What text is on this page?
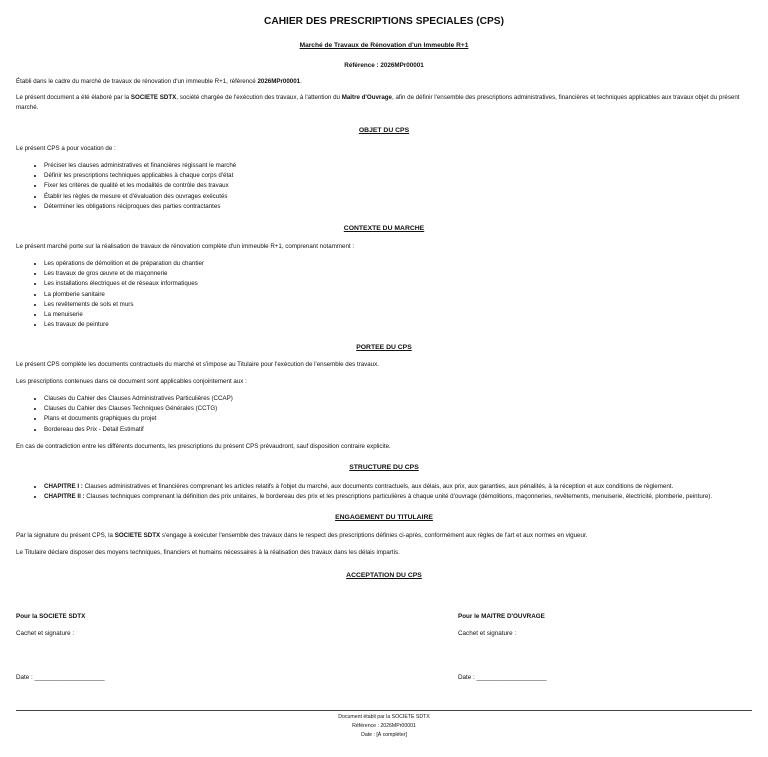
CAHIER DES PRESCRIPTIONS SPECIALES (CPS)
Marché de Travaux de Rénovation d'un Immeuble R+1
Référence : 2026MPr00001

Établi dans le cadre du marché de travaux de rénovation d'un immeuble R+1, référencé 2026MPr00001.

Le présent document a été élaboré par la SOCIETE SDTX, société chargée de l'exécution des travaux, à l'attention du Maître d'Ouvrage, afin de définir l'ensemble des prescriptions administratives, financières et techniques applicables aux travaux objet du présent marché.

OBJET DU CPS

Le présent CPS a pour vocation de :

• Préciser les clauses administratives et financières régissant le marché
• Définir les prescriptions techniques applicables à chaque corps d'état
• Fixer les critères de qualité et les modalités de contrôle des travaux
• Établir les règles de mesure et d'évaluation des ouvrages exécutés
• Déterminer les obligations réciproques des parties contractantes
CONTEXTE DU MARCHE

Le présent marché porte sur la réalisation de travaux de rénovation complète d'un immeuble R+1, comprenant notamment :

• Les opérations de démolition et de préparation du chantier
• Les travaux de gros œuvre et de maçonnerie
• Les installations électriques et de réseaux informatiques
• La plomberie sanitaire
• Les revêtements de sols et murs
• La menuiserie
• Les travaux de peinture
PORTEE DU CPS

Le présent CPS complète les documents contractuels du marché et s'impose au Titulaire pour l'exécution de l'ensemble des travaux.

Les prescriptions contenues dans ce document sont applicables conjointement aux :

• Clauses du Cahier des Clauses Administratives Particulières (CCAP)
• Clauses du Cahier des Clauses Techniques Générales (CCTG)
• Plans et documents graphiques du projet
• Bordereau des Prix - Détail Estimatif

En cas de contradiction entre les différents documents, les prescriptions du présent CPS prévaudront, sauf disposition contraire explicite.

STRUCTURE DU CPS
• CHAPITRE I : Clauses administratives et financières comprenant les articles relatifs à l'objet du marché, aux documents contractuels, aux délais, aux prix, aux garanties, aux pénalités, à la réception et aux conditions de règlement.
• CHAPITRE II : Clauses techniques comprenant la définition des prix unitaires, le bordereau des prix et les prescriptions particulières à chaque unité d'ouvrage (démolitions, maçonneries, revêtements, menuiserie, électricité, plomberie, peinture).
ENGAGEMENT DU TITULAIRE

Par la signature du présent CPS, la SOCIETE SDTX s'engage à exécuter l'ensemble des travaux dans le respect des prescriptions définies ci-après, conformément aux règles de l'art et aux normes en vigueur.

Le Titulaire déclare disposer des moyens techniques, financiers et humains nécessaires à la réalisation des travaux dans les délais impartis.

ACCEPTATION DU CPS
Pour la SOCIETE SDTX
Cachet et signature :
Date : ____________________
Pour le MAITRE D'OUVRAGE
Cachet et signature :
Date : ____________________
Document établi par la SOCIETE SDTX
Référence : 2026MPr00001
Date : [À compléter]
